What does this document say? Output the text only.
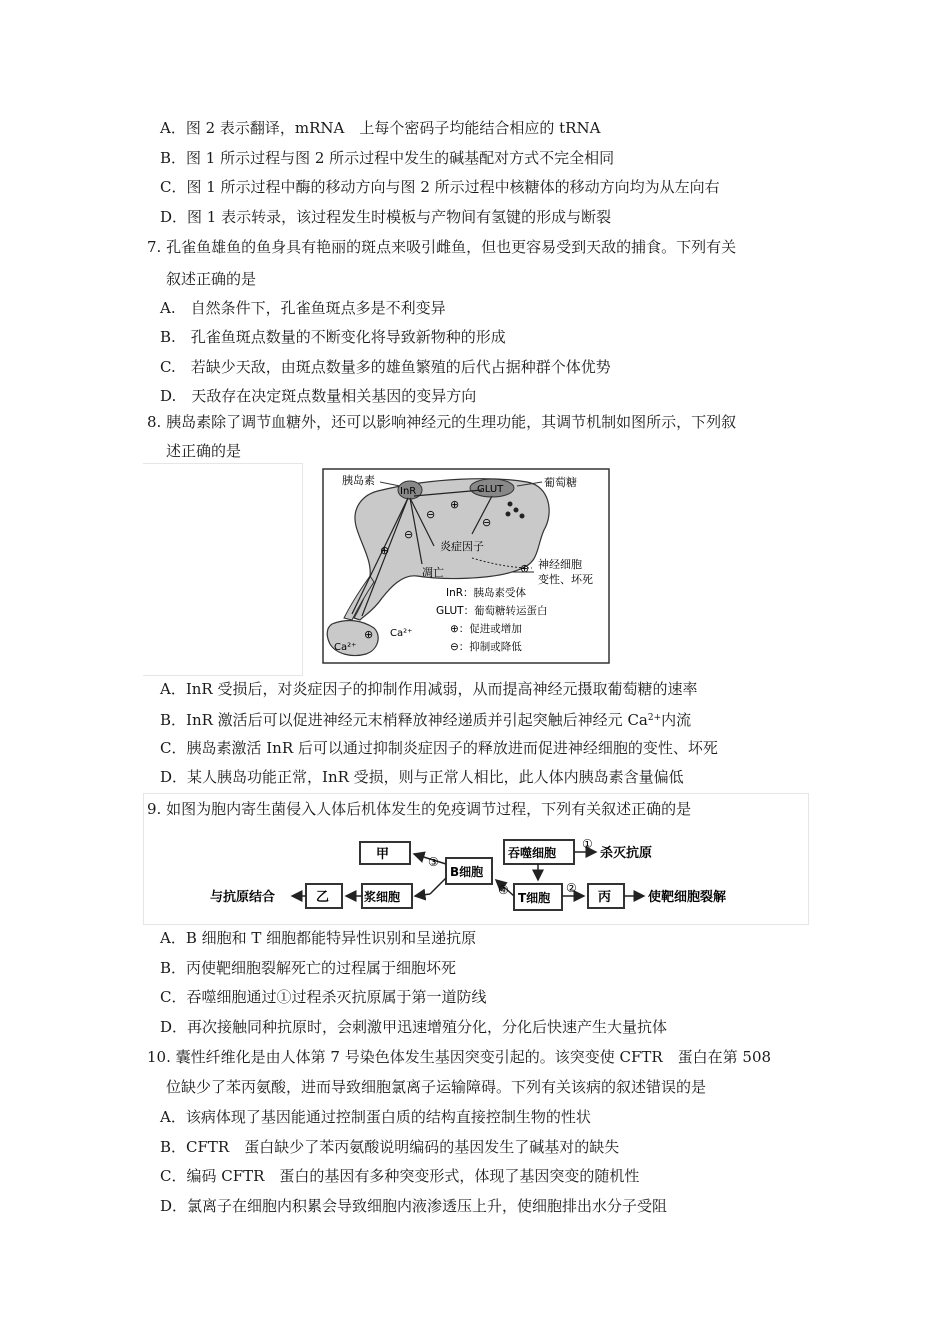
A．图 2 表示翻译，mRNA　上每个密码子均能结合相应的 tRNA
B．图 1 所示过程与图 2 所示过程中发生的碱基配对方式不完全相同
C．图 1 所示过程中酶的移动方向与图 2 所示过程中核糖体的移动方向均为从左向右
D．图 1 表示转录，该过程发生时模板与产物间有氢键的形成与断裂
7. 孔雀鱼雄鱼的鱼身具有艳丽的斑点来吸引雌鱼，但也更容易受到天敌的捕食。下列有关
叙述正确的是
A.　自然条件下，孔雀鱼斑点多是不利变异
B.　孔雀鱼斑点数量的不断变化将导致新物种的形成
C.　若缺少天敌，由斑点数量多的雄鱼繁殖的后代占据种群个体优势
D.　天敌存在决定斑点数量相关基因的变异方向
8. 胰岛素除了调节血糖外，还可以影响神经元的生理功能，其调节机制如图所示，下列叙
述正确的是
InR	GLUT
胰岛素	葡萄糖
⊕
⊖
⊖
⊖
⊕
⊕
⊕
炎症因子
凋亡
神经细胞
变性、坏死
Ca²⁺
Ca²⁺
InR：胰岛素受体
GLUT：葡萄糖转运蛋白
⊕：促进或增加
⊖：抑制或降低
A．InR 受损后，对炎症因子的抑制作用减弱，从而提高神经元摄取葡萄糖的速率
B．InR 激活后可以促进神经元末梢释放神经递质并引起突触后神经元 $Ca^{2+}$内流
C．胰岛素激活 InR 后可以通过抑制炎症因子的释放进而促进神经细胞的变性、坏死
D．某人胰岛功能正常，InR 受损，则与正常人相比，此人体内胰岛素含量偏低
9. 如图为胞内寄生菌侵入人体后机体发生的免疫调节过程，下列有关叙述正确的是
甲
B细胞
吞噬细胞	杀灭抗原
乙	浆细胞
与抗原结合	T细胞	丙	使靶细胞裂解
①
②
③
④
A．B 细胞和 T 细胞都能特异性识别和呈递抗原
B．丙使靶细胞裂解死亡的过程属于细胞坏死
C．吞噬细胞通过①过程杀灭抗原属于第一道防线
D．再次接触同种抗原时，会刺激甲迅速增殖分化，分化后快速产生大量抗体
10. 囊性纤维化是由人体第 7 号染色体发生基因突变引起的。该突变使 CFTR　蛋白在第 508
位缺少了苯丙氨酸，进而导致细胞氯离子运输障碍。下列有关该病的叙述错误的是
A．该病体现了基因能通过控制蛋白质的结构直接控制生物的性状
B．CFTR　蛋白缺少了苯丙氨酸说明编码的基因发生了碱基对的缺失
C．编码 CFTR　蛋白的基因有多种突变形式，体现了基因突变的随机性
D．氯离子在细胞内积累会导致细胞内液渗透压上升，使细胞排出水分子受阻
